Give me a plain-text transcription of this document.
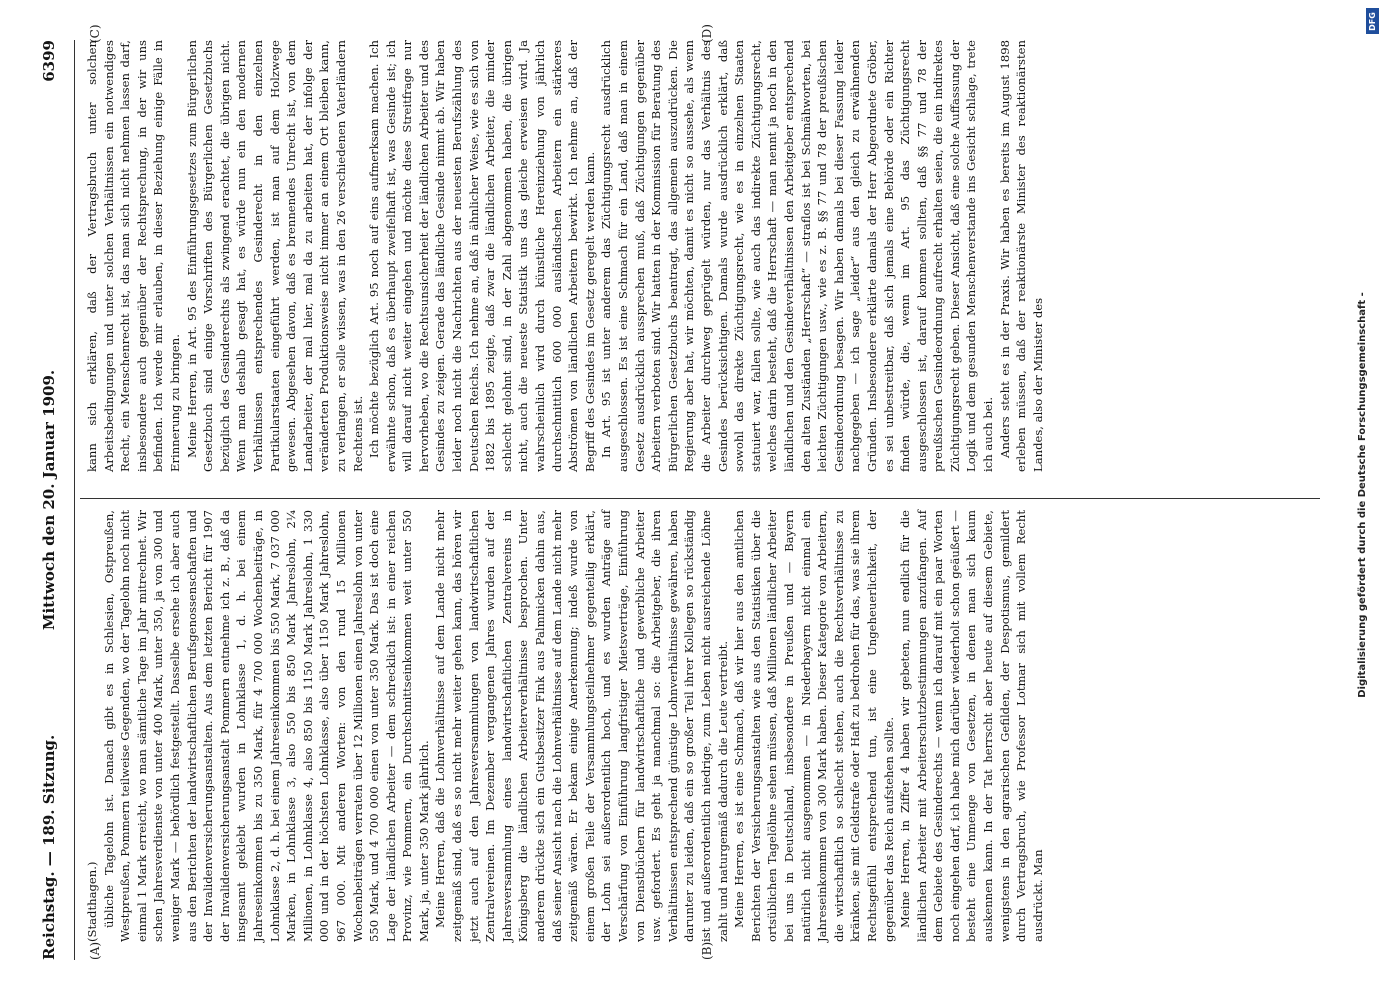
Reichstag. — 189. Sitzung.
Mittwoch den 20. Januar 1909.
6399
(A)	(B)
(C)	(D)

(Stadthagen.) übliche Tagelohn ist. Danach gibt es in Schlesien, Ostpreußen, Westpreußen, Pommern teilweise Gegenden, wo der Tagelohn noch nicht einmal 1 Mark erreicht, wo man sämtliche Tage im Jahr mitrechnet. Wir schen Jahresverdienste von unter 400 Mark, unter 350, ja von 300 und weniger Mark — behördlich festgestellt. Dasselbe ersehe ich aber auch aus den Berichten der landwirtschaftlichen Berufsgenossenschaften und der Invalidenversicherungsanstalten. Aus dem letzten Bericht für 1907 der Invalidenversicherungsanstalt Pommern entnehme ich z. B., daß da insgesamt geklebt wurden in Lohnklasse 1, d. h. bei einem Jahreseinkommen bis zu 350 Mark, für 4 700 000 Wochenbeiträge, in Lohnklasse 2, d. h. bei einem Jahreseinkommen bis 550 Mark, 7 037 000 Marken, in Lohnklasse 3, also 550 bis 850 Mark Jahreslohn, 2¼ Millionen, in Lohnklasse 4, also 850 bis 1150 Mark Jahreslohn, 1 330 000 und in der höchsten Lohnklasse, also über 1150 Mark Jahreslohn, 967 000. Mit anderen Worten: von den rund 15 Millionen Wochenbeiträgen verraten über 12 Millionen einen Jahreslohn von unter 550 Mark, und 4 700 000 einen von unter 350 Mark. Das ist doch eine Lage der ländlichen Arbeiter — dem schrecklich ist: in einer reichen Provinz, wie Pommern, ein Durchschnittseinkommen weit unter 550 Mark, ja, unter 350 Mark jährlich. Meine Herren, daß die Lohnverhältnisse auf dem Lande nicht mehr zeitgemäß sind, daß es so nicht mehr weiter gehen kann, das hören wir jetzt auch auf den Jahresversammlungen von landwirtschaftlichen Zentralvereinen. Im Dezember vergangenen Jahres wurden auf der Jahresversammlung eines landwirtschaftlichen Zentralvereins in Königsberg die ländlichen Arbeiterverhältnisse besprochen. Unter anderem drückte sich ein Gutsbesitzer Fink aus Palmnicken dahin aus, daß seiner Ansicht nach die Lohnverhältnisse auf dem Lande nicht mehr zeitgemäß wären. Er bekam einige Anerkennung; indeß wurde von einem großen Teile der Versammlungsteilnehmer gegenteilig erklärt, der Lohn sei außerordentlich hoch, und es wurden Anträge auf Verschärfung von Einführung langfristiger Mietsverträge, Einführung von Dienstbüchern für landwirtschaftliche und gewerbliche Arbeiter usw. gefordert. Es geht ja manchmal so: die Arbeitgeber, die ihren Verhältnissen entsprechend günstige Lohnverhältnisse gewähren, haben darunter zu leiden, daß ein so großer Teil ihrer Kollegen so rückständig ist und außerordentlich niedrige, zum Leben nicht ausreichende Löhne zahlt und naturgemäß dadurch die Leute vertreibt. Meine Herren, es ist eine Schmach, daß wir hier aus den amtlichen Berichten der Versicherungsanstalten wie aus den Statistiken über die ortsüblichen Tagelöhne sehen müssen, daß Millionen ländlicher Arbeiter bei uns in Deutschland, insbesondere in Preußen und — Bayern natürlich nicht ausgenommen — in Niederbayern nicht einmal ein Jahreseinkommen von 300 Mark haben. Dieser Kategorie von Arbeitern, die wirtschaftlich so schlecht stehen, auch die Rechtsverhältnisse zu kränken, sie mit Geldstrafe oder Haft zu bedrohen für das, was sie ihrem Rechtsgefühl entsprechend tun, ist eine Ungeheuerlichkeit, der gegenüber das Reich aufstehen sollte. Meine Herren, in Ziffer 4 haben wir gebeten, nun endlich für die ländlichen Arbeiter mit Arbeiterschutzbestimmungen anzufangen. Auf dem Gebiete des Gesinderechts — wenn ich darauf mit ein paar Worten noch eingehen darf, ich habe mich darüber wiederholt schon geäußert — besteht eine Unmenge von Gesetzen, in denen man sich kaum auskennen kann. In der Tat herrscht aber heute auf diesem Gebiete, wenigstens in den agrarischen Gefilden, der Despotismus, gemildert durch Vertragsbruch, wie Professor Lotmar sich mit vollem Recht ausdrückt. Man

kann sich erklären, daß der Vertragsbruch unter solchen Arbeitsbedingungen und unter solchen Verhältnissen ein notwendiges Recht, ein Menschenrecht ist, das man sich nicht nehmen lassen darf, insbesondere auch gegenüber der Rechtsprechung, in der wir uns befinden. Ich werde mir erlauben, in dieser Beziehung einige Fälle in Erinnerung zu bringen. Meine Herren, in Art. 95 des Einführungsgesetzes zum Bürgerlichen Gesetzbuch sind einige Vorschriften des Bürgerlichen Gesetzbuchs bezüglich des Gesinderechts als zwingend erachtet, die übrigen nicht. Wenn man deshalb gesagt hat, es würde nun ein den modernen Verhältnissen entsprechendes Gesinderecht in den einzelnen Partikularstaaten eingeführt werden, ist man auf dem Holzwege gewesen. Abgesehen davon, daß es brennendes Unrecht ist, von dem Landarbeiter, der mal hier, mal da zu arbeiten hat, der infolge der veränderten Produktionsweise nicht immer an einem Ort bleiben kann, zu verlangen, er solle wissen, was in den 26 verschiedenen Vaterländern Rechtens ist. Ich möchte bezüglich Art. 95 noch auf eins aufmerksam machen. Ich erwähnte schon, daß es überhaupt zweifelhaft ist, was Gesinde ist; ich will darauf nicht weiter eingehen und möchte diese Streitfrage nur hervorheben, wo die Rechtsunsicherheit der ländlichen Arbeiter und des Gesindes zu zeigen. Gerade das ländliche Gesinde nimmt ab. Wir haben leider noch nicht die Nachrichten aus der neuesten Berufszählung des Deutschen Reichs. Ich nehme an, daß in ähnlicher Weise, wie es sich von 1882 bis 1895 zeigte, daß zwar die ländlichen Arbeiter, die minder schlecht gelohnt sind, in der Zahl abgenommen haben, die übrigen nicht, auch die neueste Statistik uns das gleiche erweisen wird. Ja wahrscheinlich wird durch künstliche Hereinziehung von jährlich durchschnittlich 600 000 ausländischen Arbeitern ein stärkeres Abströmen von ländlichen Arbeitern bewirkt. Ich nehme an, daß der Begriff des Gesindes im Gesetz geregelt werden kann. In Art. 95 ist unter anderem das Züchtigungsrecht ausdrücklich ausgeschlossen. Es ist eine Schmach für ein Land, daß man in einem Gesetz ausdrücklich aussprechen muß, daß Züchtigungen gegenüber Arbeitern verboten sind. Wir hatten in der Kommission für Beratung des Bürgerlichen Gesetzbuchs beantragt, das allgemein auszudrücken. Die Regierung aber hat, wir möchten, damit es nicht so aussehe, als wenn die Arbeiter durchweg geprügelt würden, nur das Verhältnis des Gesindes berücksichtigen. Damals wurde ausdrücklich erklärt, daß sowohl das direkte Züchtigungsrecht, wie es in einzelnen Staaten statuiert war, fallen sollte, wie auch das indirekte Züchtigungsrecht, welches darin besteht, daß die Herrschaft — man nennt ja noch in den ländlichen und den Gesindeverhältnissen den Arbeitgeber entsprechend den alten Zuständen „Herrschaft“ — straflos ist bei Schmähworten, bei leichten Züchtigungen usw., wie es z. B. §§ 77 und 78 der preußischen Gesindeordnung besagen. Wir haben damals bei dieser Fassung leider nachgegeben — ich sage „leider“ aus den gleich zu erwähnenden Gründen. Insbesondere erklärte damals der Herr Abgeordnete Gröber, es sei unbestreitbar, daß sich jemals eine Behörde oder ein Richter finden würde, die, wenn im Art. 95 das Züchtigungsrecht ausgeschlossen ist, darauf kommen sollten, daß §§ 77 und 78 der preußischen Gesindeordnung aufrecht erhalten seien, die ein indirektes Züchtigungsrecht geben. Dieser Ansicht, daß eine solche Auffassung der Logik und dem gesunden Menschenverstande ins Gesicht schlage, trete ich auch bei. Anders steht es in der Praxis. Wir haben es bereits im August 1898 erleben müssen, daß der reaktionärste Minister des reaktionärsten Landes, also der Minister des

DFG
Digitalisierung gefördert durch die Deutsche Forschungsgemeinschaft -
